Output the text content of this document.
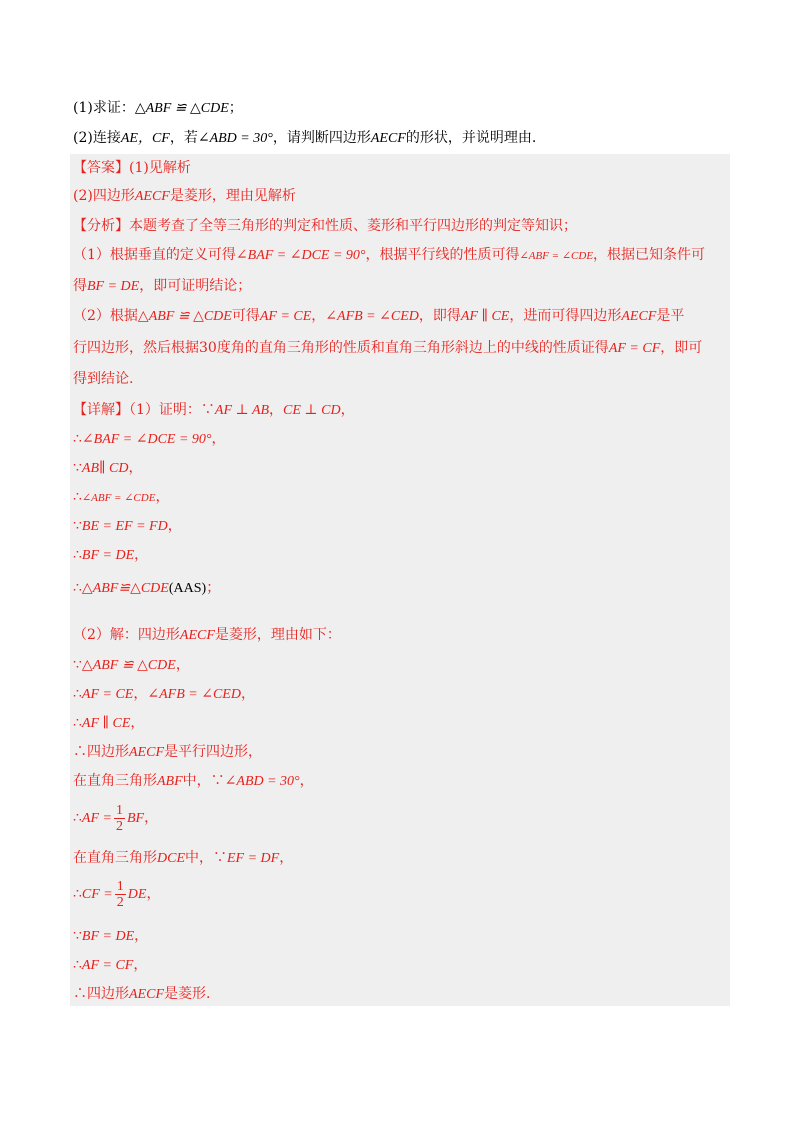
(1)求证：△ABF ≌ △CDE；
(2)连接AE，CF，若∠ABD = 30°，请判断四边形AECF的形状，并说明理由.
【答案】(1)见解析
(2)四边形AECF是菱形，理由见解析
【分析】本题考查了全等三角形的判定和性质、菱形和平行四边形的判定等知识；
（1）根据垂直的定义可得∠BAF = ∠DCE = 90°，根据平行线的性质可得∠ABF = ∠CDE，根据已知条件可
得BF = DE，即可证明结论；
（2）根据△ABF ≌ △CDE可得AF = CE，∠AFB = ∠CED，即得AF ∥ CE，进而可得四边形AECF是平
行四边形，然后根据30度角的直角三角形的性质和直角三角形斜边上的中线的性质证得AF = CF，即可
得到结论.
【详解】（1）证明：∵AF ⊥ AB，CE ⊥ CD，
∴∠BAF = ∠DCE = 90°，
∵AB∥ CD，
∴∠ABF = ∠CDE，
∵BE = EF = FD，
∴BF = DE，
∴△ABF≌△CDE(AAS)；
（2）解：四边形AECF是菱形，理由如下：
∵△ABF ≌ △CDE，
∴AF = CE，∠AFB = ∠CED，
∴AF ∥ CE，
∴四边形AECF是平行四边形，
在直角三角形ABF中，∵∠ABD = 30°，
∴AF = $\frac{1}{2}$ BF，
在直角三角形DCE中，∵EF = DF，
∴CF = $\frac{1}{2}$ DE，
∵BF = DE，
∴AF = CF，
∴四边形AECF是菱形.
